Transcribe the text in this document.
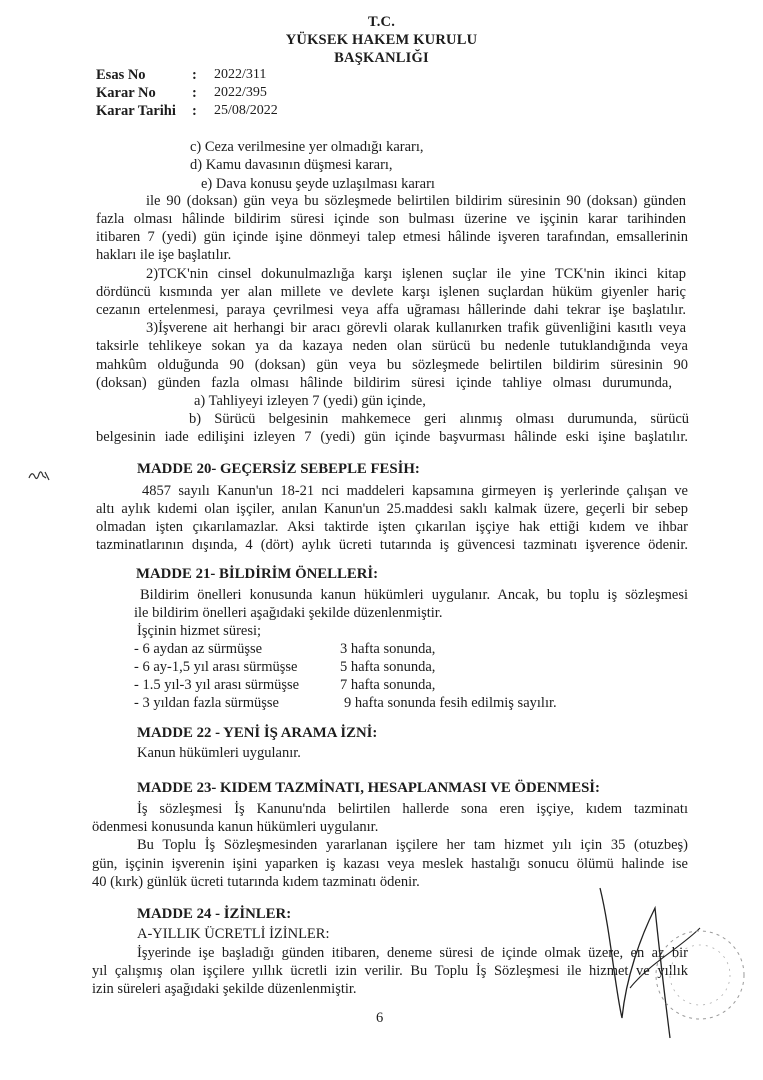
T.C.
YÜKSEK HAKEM KURULU
BAŞKANLIĞI
Esas No	:	2022/311
Karar No	:	2022/395
Karar Tarihi	:	25/08/2022
c) Ceza verilmesine yer olmadığı kararı,
d) Kamu davasının düşmesi kararı,
e) Dava konusu şeyde uzlaşılması kararı
ile 90 (doksan) gün veya bu sözleşmede belirtilen bildirim süresinin 90 (doksan) günden
fazla olması hâlinde bildirim süresi içinde son bulması üzerine ve işçinin karar tarihinden
itibaren 7 (yedi) gün içinde işine dönmeyi talep etmesi hâlinde işveren tarafından, emsallerinin
hakları ile işe başlatılır.
2)TCK'nin cinsel dokunulmazlığa karşı işlenen suçlar ile yine TCK'nin ikinci kitap
dördüncü kısmında yer alan millete ve devlete karşı işlenen suçlardan hüküm giyenler hariç
cezanın ertelenmesi, paraya çevrilmesi veya affa uğraması hâllerinde dahi tekrar işe başlatılır.
3)İşverene ait herhangi bir aracı görevli olarak kullanırken trafik güvenliğini kasıtlı veya
taksirle tehlikeye sokan ya da kazaya neden olan sürücü bu nedenle tutuklandığında veya
mahkûm olduğunda 90 (doksan) gün veya bu sözleşmede belirtilen bildirim süresinin 90
(doksan) günden fazla olması hâlinde bildirim süresi içinde tahliye olması durumunda,
a) Tahliyeyi izleyen 7 (yedi) gün içinde,
b) Sürücü belgesinin mahkemece geri alınmış olması durumunda, sürücü
belgesinin iade edilişini izleyen 7 (yedi) gün içinde başvurması hâlinde eski işine başlatılır.
MADDE 20- GEÇERSİZ SEBEPLE FESİH:
4857 sayılı Kanun'un 18-21 nci maddeleri kapsamına girmeyen iş yerlerinde çalışan ve
altı aylık kıdemi olan işçiler, anılan Kanun'un 25.maddesi saklı kalmak üzere, geçerli bir sebep
olmadan işten çıkarılamazlar. Aksi taktirde işten çıkarılan işçiye hak ettiği kıdem ve ihbar
tazminatlarının dışında, 4 (dört) aylık ücreti tutarında iş güvencesi tazminatı işverence ödenir.
MADDE 21- BİLDİRİM ÖNELLERİ:
Bildirim önelleri konusunda kanun hükümleri uygulanır. Ancak, bu toplu iş sözleşmesi
ile bildirim önelleri aşağıdaki şekilde düzenlenmiştir.
İşçinin hizmet süresi;
- 6 aydan az sürmüşse	3 hafta sonunda,
- 6 ay-1,5 yıl arası sürmüşse	5 hafta sonunda,
- 1.5 yıl-3 yıl arası sürmüşse	7 hafta sonunda,
- 3 yıldan fazla sürmüşse	9 hafta sonunda fesih edilmiş sayılır.
MADDE 22 - YENİ İŞ ARAMA İZNİ:
Kanun hükümleri uygulanır.
MADDE 23- KIDEM TAZMİNATI, HESAPLANMASI VE ÖDENMESİ:
İş sözleşmesi İş Kanunu'nda belirtilen hallerde sona eren işçiye, kıdem tazminatı
ödenmesi konusunda kanun hükümleri uygulanır.
Bu Toplu İş Sözleşmesinden yararlanan işçilere her tam hizmet yılı için 35 (otuzbeş)
gün, işçinin işverenin işini yaparken iş kazası veya meslek hastalığı sonucu ölümü halinde ise
40 (kırk) günlük ücreti tutarında kıdem tazminatı ödenir.
MADDE 24 - İZİNLER:
A-YILLIK ÜCRETLİ İZİNLER:
İşyerinde işe başladığı günden itibaren, deneme süresi de içinde olmak üzere, en az bir
yıl çalışmış olan işçilere yıllık ücretli izin verilir. Bu Toplu İş Sözleşmesi ile hizmet ve yıllık
izin süreleri aşağıdaki şekilde düzenlenmiştir.
6
